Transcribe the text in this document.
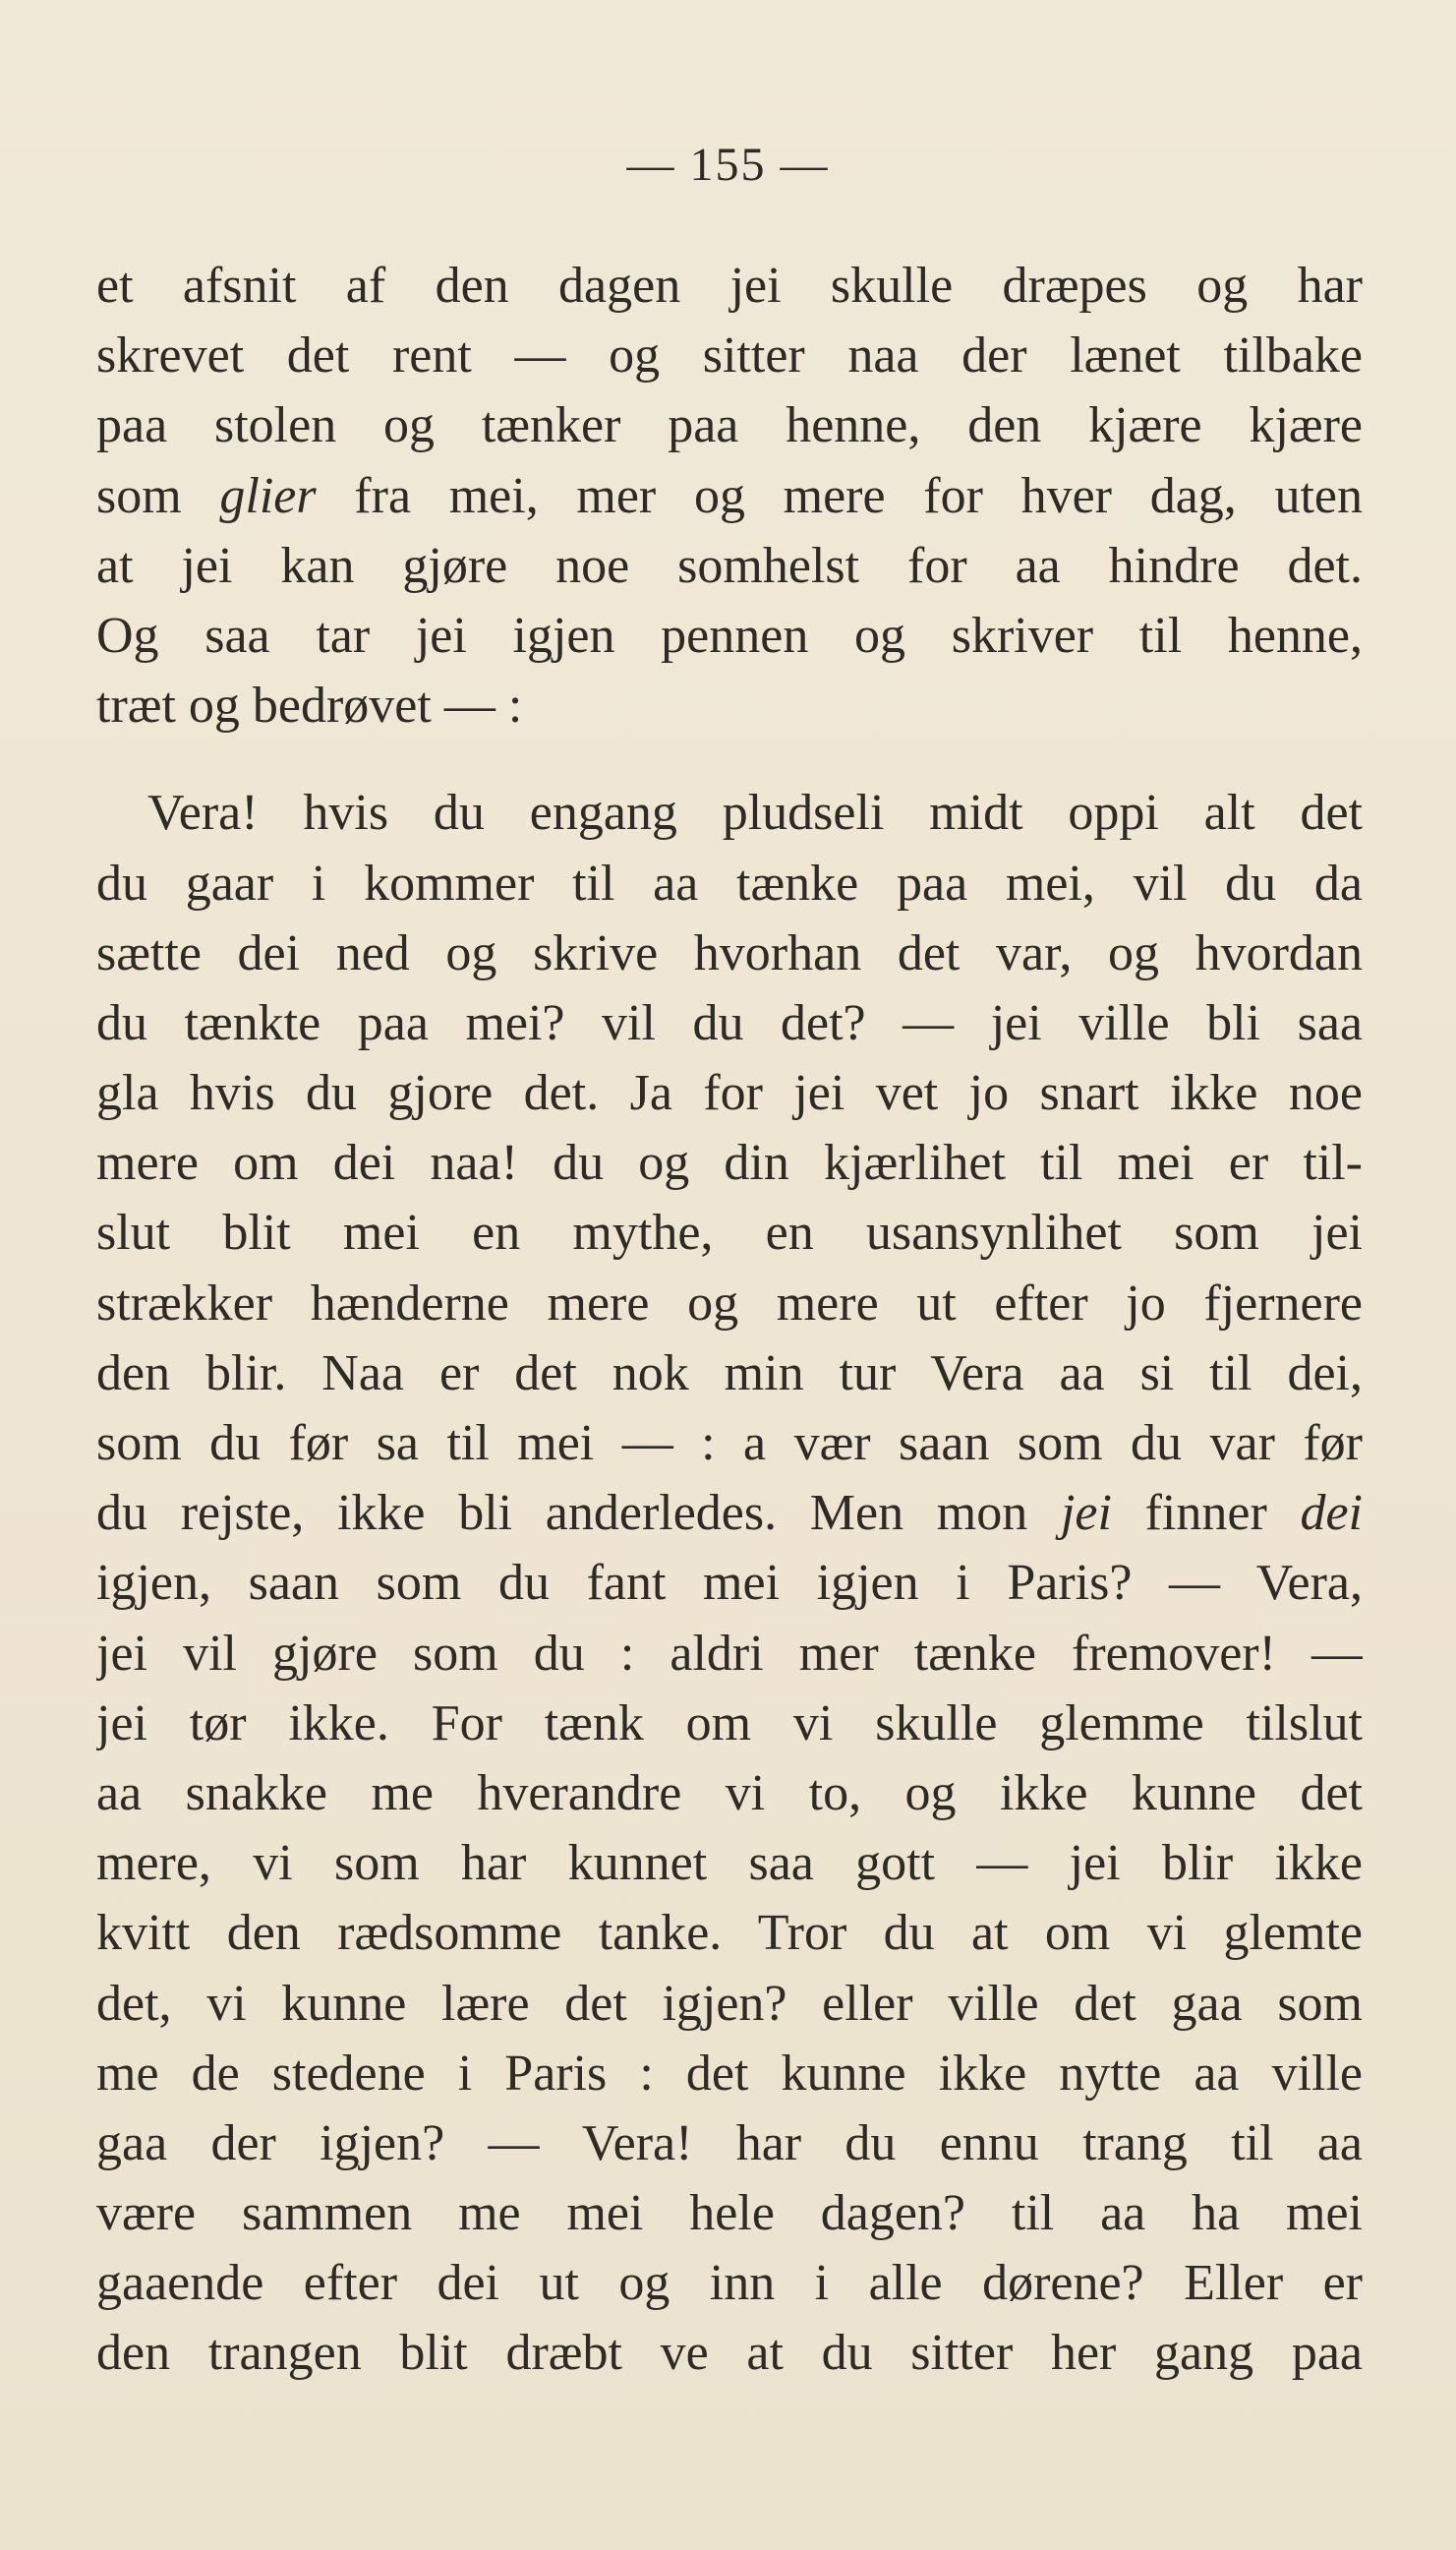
— 155 —
et afsnit af den dagen jei skulle dræpes og har
skrevet det rent — og sitter naa der lænet tilbake
paa stolen og tænker paa henne, den kjære kjære
som glier fra mei, mer og mere for hver dag, uten
at jei kan gjøre noe somhelst for aa hindre det.
Og saa tar jei igjen pennen og skriver til henne,
træt og bedrøvet — :
Vera! hvis du engang pludseli midt oppi alt det
du gaar i kommer til aa tænke paa mei, vil du da
sætte dei ned og skrive hvorhan det var, og hvordan
du tænkte paa mei? vil du det? — jei ville bli saa
gla hvis du gjore det. Ja for jei vet jo snart ikke noe
mere om dei naa! du og din kjærlihet til mei er til-
slut blit mei en mythe, en usansynlihet som jei
strækker hænderne mere og mere ut efter jo fjernere
den blir. Naa er det nok min tur Vera aa si til dei,
som du før sa til mei — : a vær saan som du var før
du rejste, ikke bli anderledes. Men mon jei finner dei
igjen, saan som du fant mei igjen i Paris? — Vera,
jei vil gjøre som du : aldri mer tænke fremover! —
jei tør ikke. For tænk om vi skulle glemme tilslut
aa snakke me hverandre vi to, og ikke kunne det
mere, vi som har kunnet saa gott — jei blir ikke
kvitt den rædsomme tanke. Tror du at om vi glemte
det, vi kunne lære det igjen? eller ville det gaa som
me de stedene i Paris : det kunne ikke nytte aa ville
gaa der igjen? — Vera! har du ennu trang til aa
være sammen me mei hele dagen? til aa ha mei
gaaende efter dei ut og inn i alle dørene? Eller er
den trangen blit dræbt ve at du sitter her gang paa
